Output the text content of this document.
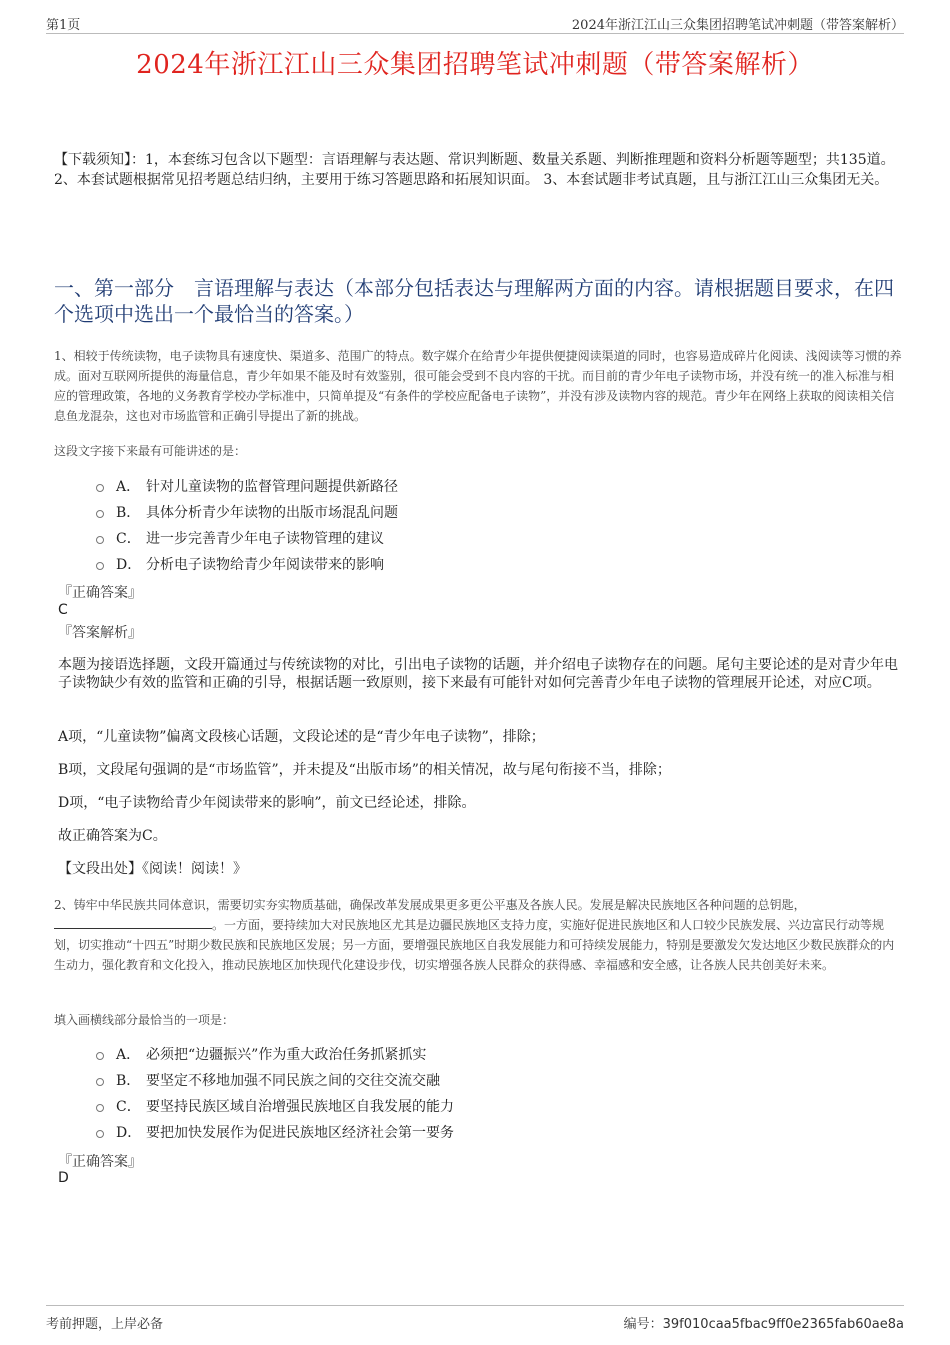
第1页	2024年浙江江山三众集团招聘笔试冲刺题（带答案解析）
2024年浙江江山三众集团招聘笔试冲刺题（带答案解析）
【下载须知】：1，本套练习包含以下题型：言语理解与表达题、常识判断题、数量关系题、判断推理题和资料分析题等题型；共135道。 2、本套试题根据常见招考题总结归纳，主要用于练习答题思路和拓展知识面。 3、本套试题非考试真题，且与浙江江山三众集团无关。
一、第一部分　言语理解与表达（本部分包括表达与理解两方面的内容。请根据题目要求，在四个选项中选出一个最恰当的答案。）
1、相较于传统读物，电子读物具有速度快、渠道多、范围广的特点。数字媒介在给青少年提供便捷阅读渠道的同时，也容易造成碎片化阅读、浅阅读等习惯的养成。面对互联网所提供的海量信息，青少年如果不能及时有效鉴别，很可能会受到不良内容的干扰。而目前的青少年电子读物市场，并没有统一的准入标准与相应的管理政策，各地的义务教育学校办学标准中，只简单提及“有条件的学校应配备电子读物”，并没有涉及读物内容的规范。青少年在网络上获取的阅读相关信息鱼龙混杂，这也对市场监管和正确引导提出了新的挑战。
这段文字接下来最有可能讲述的是：
A． 针对儿童读物的监督管理问题提供新路径
B． 具体分析青少年读物的出版市场混乱问题
C． 进一步完善青少年电子读物管理的建议
D． 分析电子读物给青少年阅读带来的影响
『正确答案』
C
『答案解析』
本题为接语选择题，文段开篇通过与传统读物的对比，引出电子读物的话题，并介绍电子读物存在的问题。尾句主要论述的是对青少年电子读物缺少有效的监管和正确的引导，根据话题一致原则，接下来最有可能针对如何完善青少年电子读物的管理展开论述，对应C项。
A项，“儿童读物”偏离文段核心话题，文段论述的是“青少年电子读物”，排除；
B项，文段尾句强调的是“市场监管”，并未提及“出版市场”的相关情况，故与尾句衔接不当，排除；
D项，“电子读物给青少年阅读带来的影响”，前文已经论述，排除。
故正确答案为C。
【文段出处】《阅读！阅读！》
2、铸牢中华民族共同体意识，需要切实夯实物质基础，确保改革发展成果更多更公平惠及各族人民。发展是解决民族地区各种问题的总钥匙，。一方面，要持续加大对民族地区尤其是边疆民族地区支持力度，实施好促进民族地区和人口较少民族发展、兴边富民行动等规划，切实推动“十四五”时期少数民族和民族地区发展；另一方面，要增强民族地区自我发展能力和可持续发展能力，特别是要激发欠发达地区少数民族群众的内生动力，强化教育和文化投入，推动民族地区加快现代化建设步伐，切实增强各族人民群众的获得感、幸福感和安全感，让各族人民共创美好未来。
填入画横线部分最恰当的一项是：
A． 必须把“边疆振兴”作为重大政治任务抓紧抓实
B． 要坚定不移地加强不同民族之间的交往交流交融
C． 要坚持民族区域自治增强民族地区自我发展的能力
D． 要把加快发展作为促进民族地区经济社会第一要务
『正确答案』
D
考前押题，上岸必备	编号：39f010caa5fbac9ff0e2365fab60ae8a
